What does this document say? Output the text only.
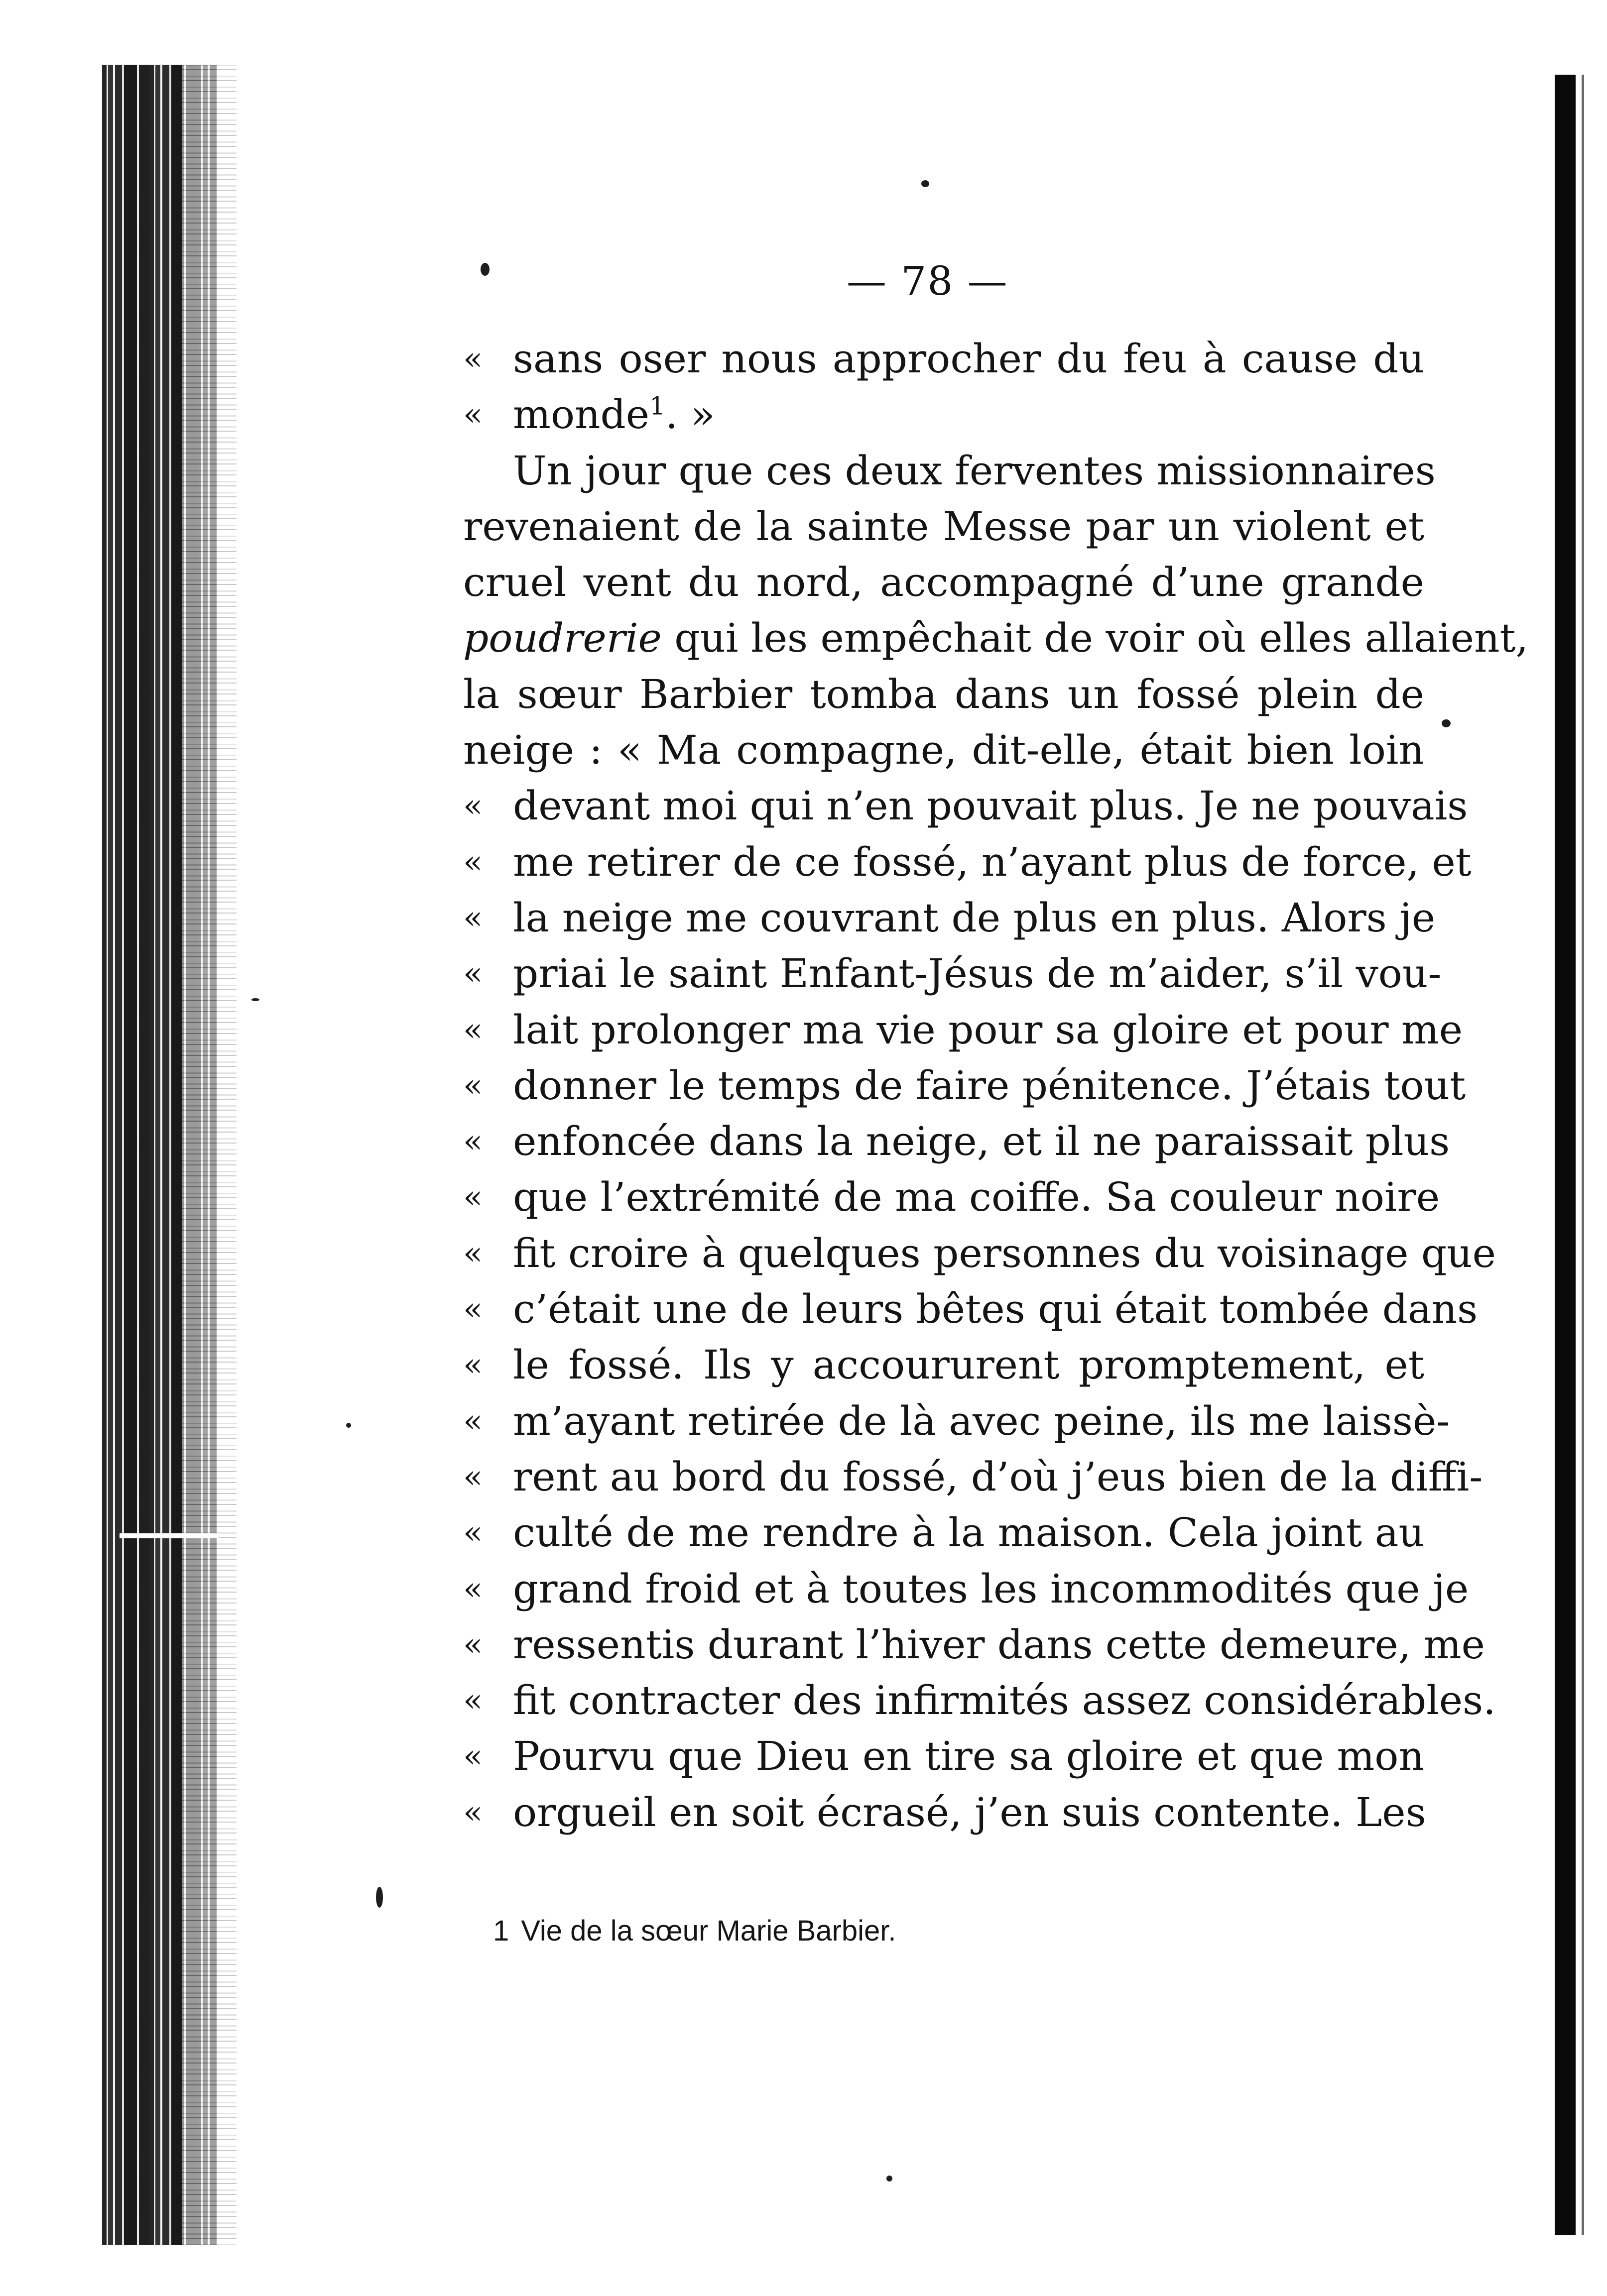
— 78 —
« sans oser nous approcher du feu à cause du
« monde$^1$. »
Un jour que ces deux ferventes missionnaires
revenaient de la sainte Messe par un violent et
cruel vent du nord, accompagné d’une grande
poudrerie qui les empêchait de voir où elles allaient,
la sœur Barbier tomba dans un fossé plein de
neige : « Ma compagne, dit-elle, était bien loin
« devant moi qui n’en pouvait plus. Je ne pouvais
« me retirer de ce fossé, n’ayant plus de force, et
« la neige me couvrant de plus en plus. Alors je
« priai le saint Enfant-Jésus de m’aider, s’il vou-
« lait prolonger ma vie pour sa gloire et pour me
« donner le temps de faire pénitence. J’étais tout
« enfoncée dans la neige, et il ne paraissait plus
« que l’extrémité de ma coiffe. Sa couleur noire
« fit croire à quelques personnes du voisinage que
« c’était une de leurs bêtes qui était tombée dans
« le fossé. Ils y accoururent promptement, et
« m’ayant retirée de là avec peine, ils me laissè-
« rent au bord du fossé, d’où j’eus bien de la diffi-
« culté de me rendre à la maison. Cela joint au
« grand froid et à toutes les incommodités que je
« ressentis durant l’hiver dans cette demeure, me
« fit contracter des infirmités assez considérables.
« Pourvu que Dieu en tire sa gloire et que mon
« orgueil en soit écrasé, j’en suis contente. Les
1 Vie de la sœur Marie Barbier.
